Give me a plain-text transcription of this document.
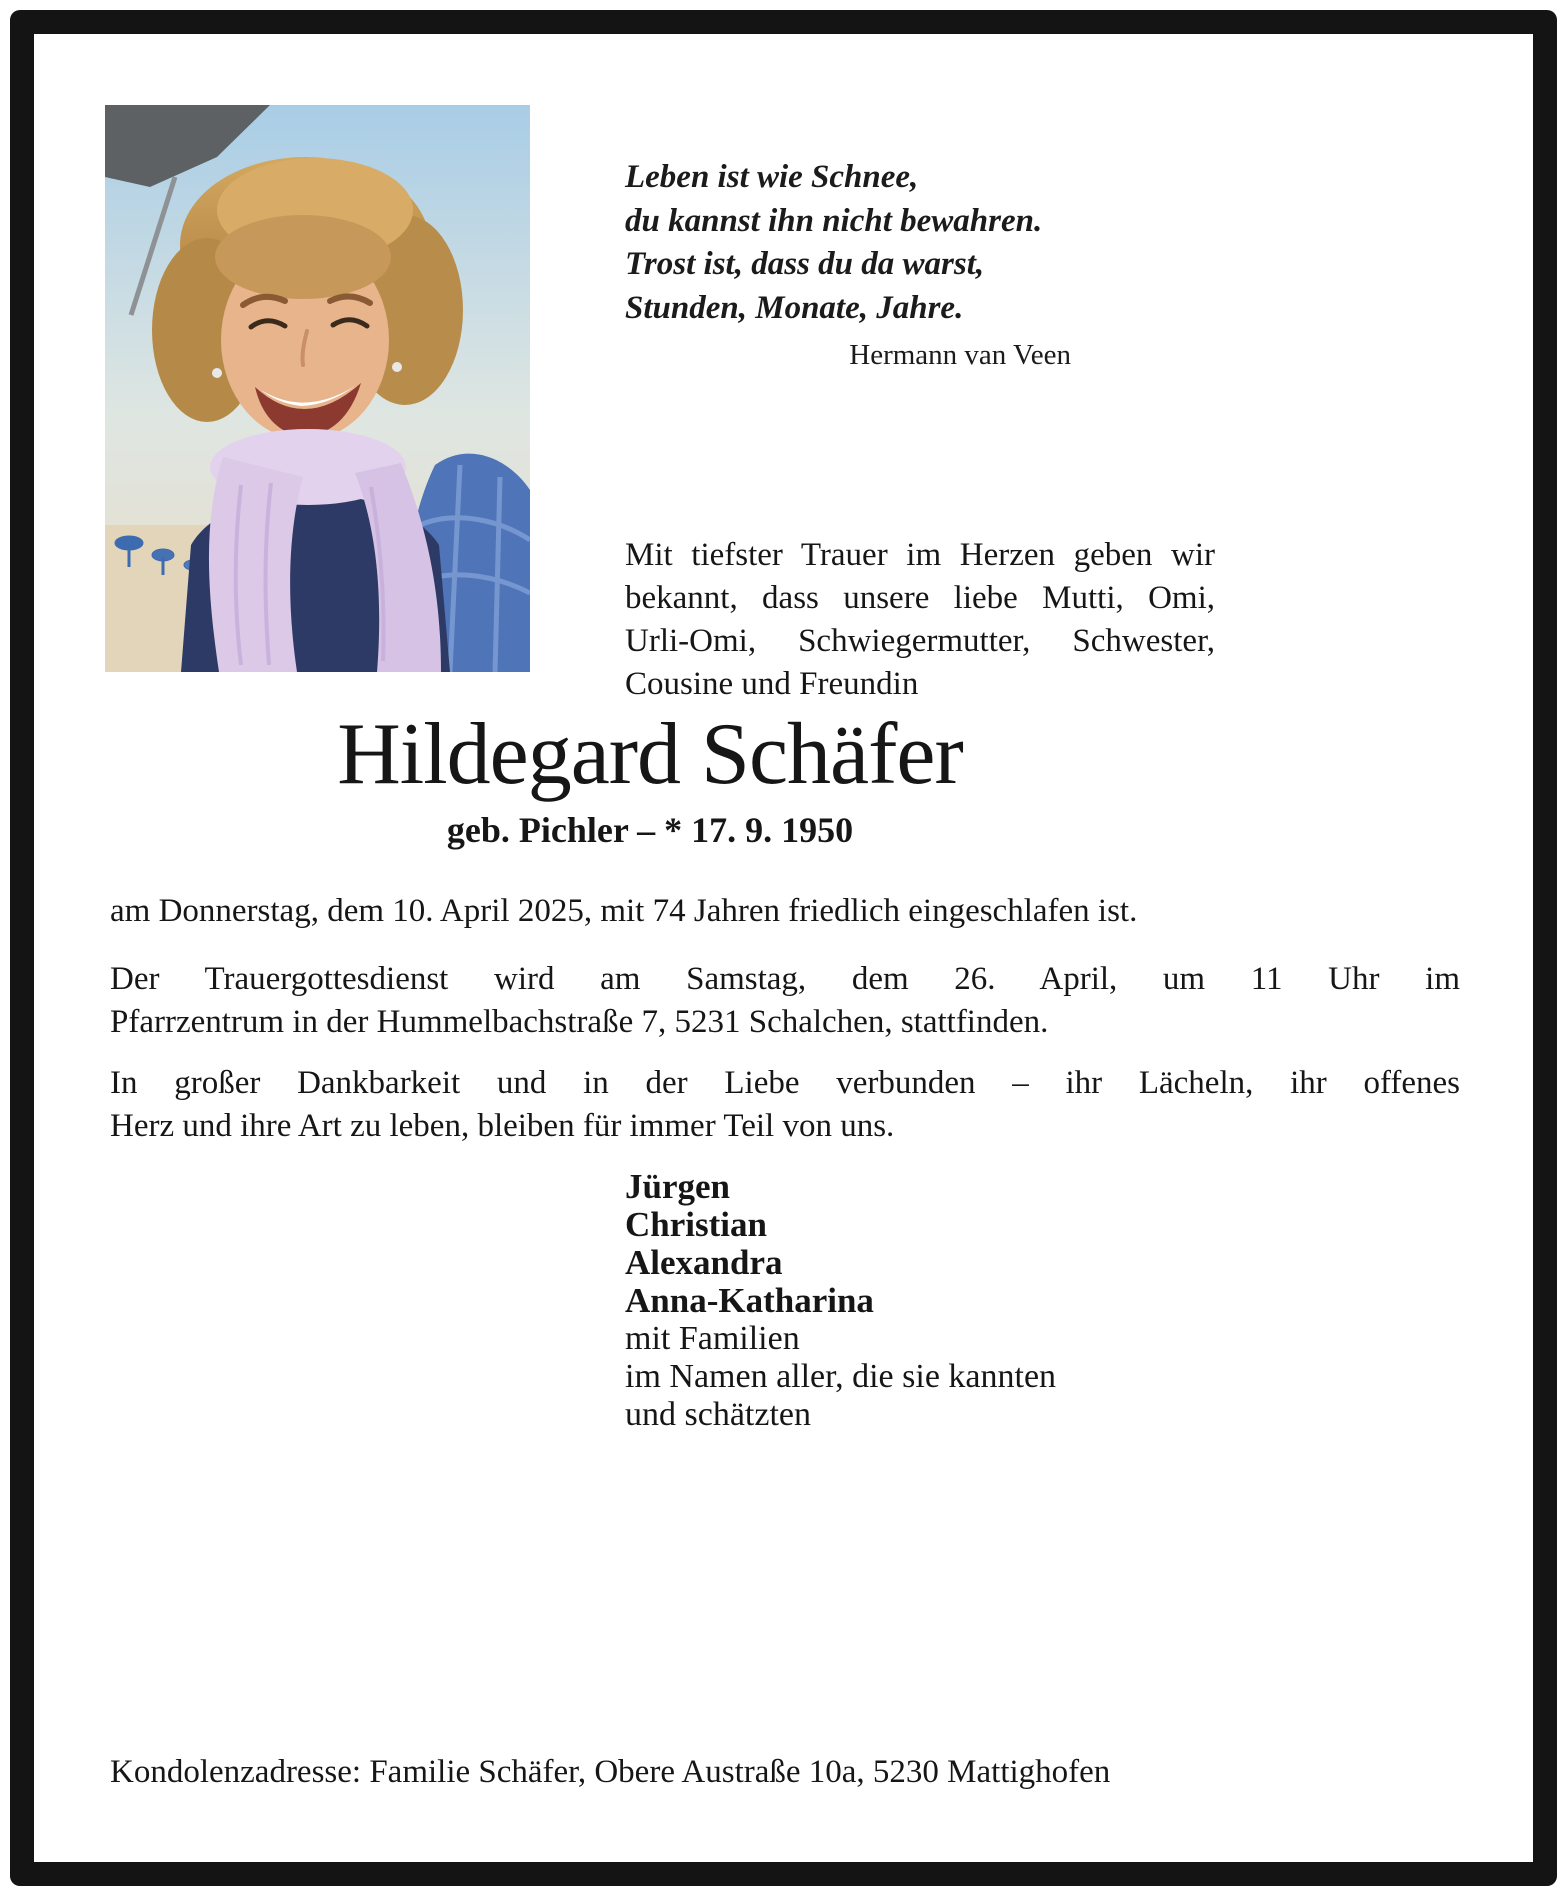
Leben ist wie Schnee,
du kannst ihn nicht bewahren.
Trost ist, dass du da warst,
Stunden, Monate, Jahre.
Hermann van Veen
Mit tiefster Trauer im Herzen geben wir
bekannt, dass unsere liebe Mutti, Omi,
Urli-Omi, Schwiegermutter, Schwester,
Cousine und Freundin
Hildegard Schäfer
geb. Pichler – * 17. 9. 1950
am Donnerstag, dem 10. April 2025, mit 74 Jahren friedlich eingeschlafen ist.
Der Trauergottesdienst wird am Samstag, dem 26. April, um 11 Uhr im
Pfarrzentrum in der Hummelbachstraße 7, 5231 Schalchen, stattfinden.
In großer Dankbarkeit und in der Liebe verbunden – ihr Lächeln, ihr offenes
Herz und ihre Art zu leben, bleiben für immer Teil von uns.
Jürgen
Christian
Alexandra
Anna-Katharina
mit Familien
im Namen aller, die sie kannten
und schätzten
Kondolenzadresse: Familie Schäfer, Obere Austraße 10a, 5230 Mattighofen
